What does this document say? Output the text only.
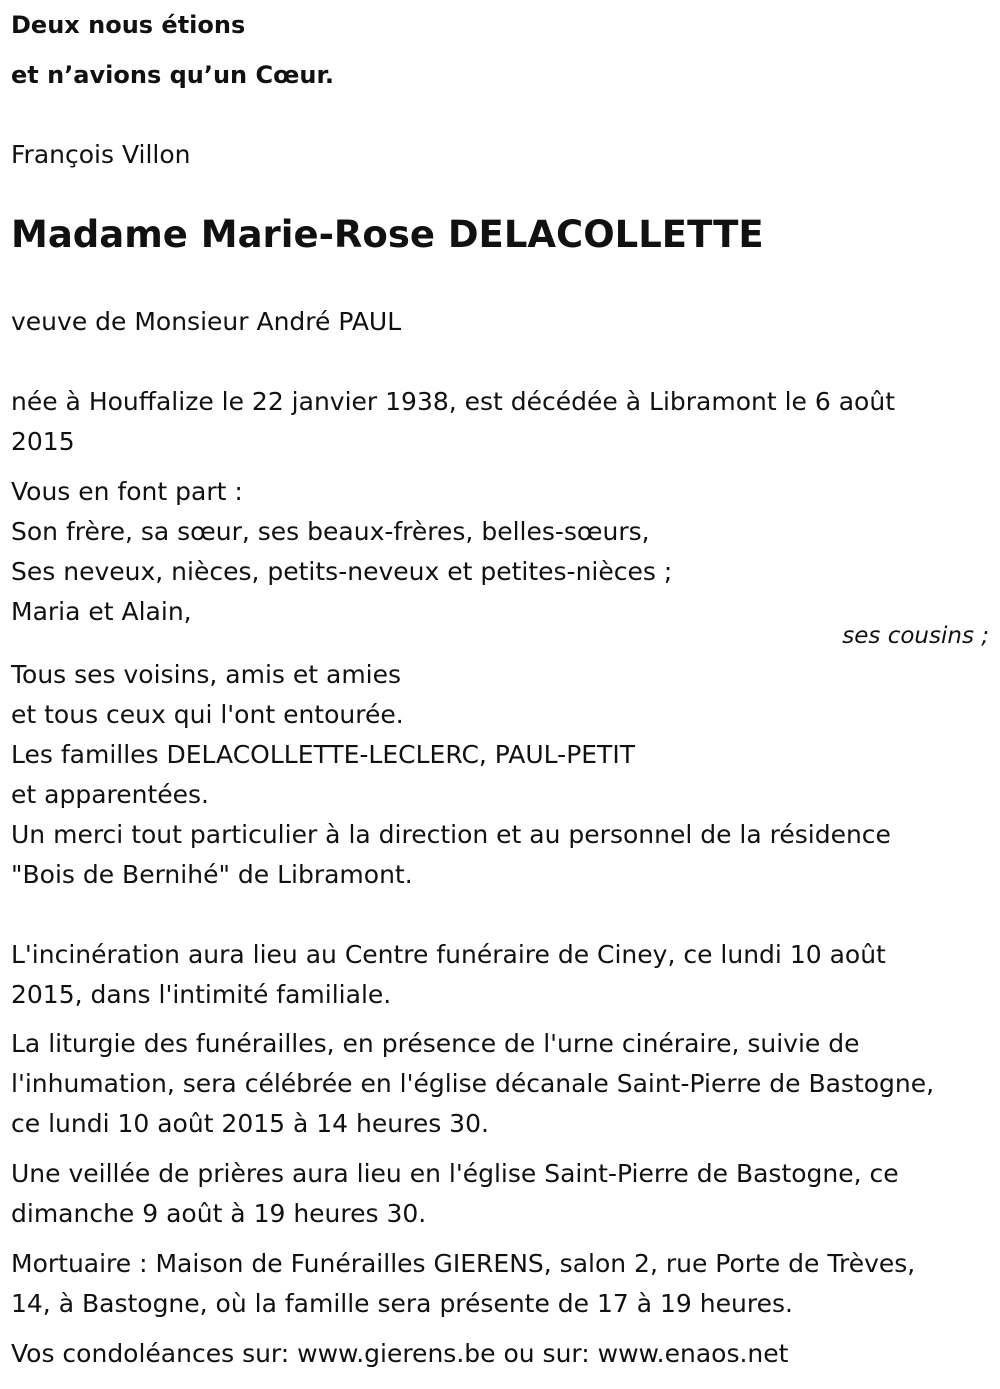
Deux nous étions
et n’avions qu’un Cœur.
François Villon
Madame Marie-Rose DELACOLLETTE
veuve de Monsieur André PAUL
née à Houffalize le 22 janvier 1938, est décédée à Libramont le 6 août
2015
Vous en font part :
Son frère, sa sœur, ses beaux-frères, belles-sœurs,
Ses neveux, nièces, petits-neveux et petites-nièces ;
Maria et Alain,
ses cousins ;
Tous ses voisins, amis et amies
et tous ceux qui l'ont entourée.
Les familles DELACOLLETTE-LECLERC, PAUL-PETIT
et apparentées.
Un merci tout particulier à la direction et au personnel de la résidence
"Bois de Bernihé" de Libramont.
L'incinération aura lieu au Centre funéraire de Ciney, ce lundi 10 août
2015, dans l'intimité familiale.
La liturgie des funérailles, en présence de l'urne cinéraire, suivie de
l'inhumation, sera célébrée en l'église décanale Saint-Pierre de Bastogne,
ce lundi 10 août 2015 à 14 heures 30.
Une veillée de prières aura lieu en l'église Saint-Pierre de Bastogne, ce
dimanche 9 août à 19 heures 30.
Mortuaire : Maison de Funérailles GIERENS, salon 2, rue Porte de Trèves,
14, à Bastogne, où la famille sera présente de 17 à 19 heures.
Vos condoléances sur: www.gierens.be ou sur: www.enaos.net
